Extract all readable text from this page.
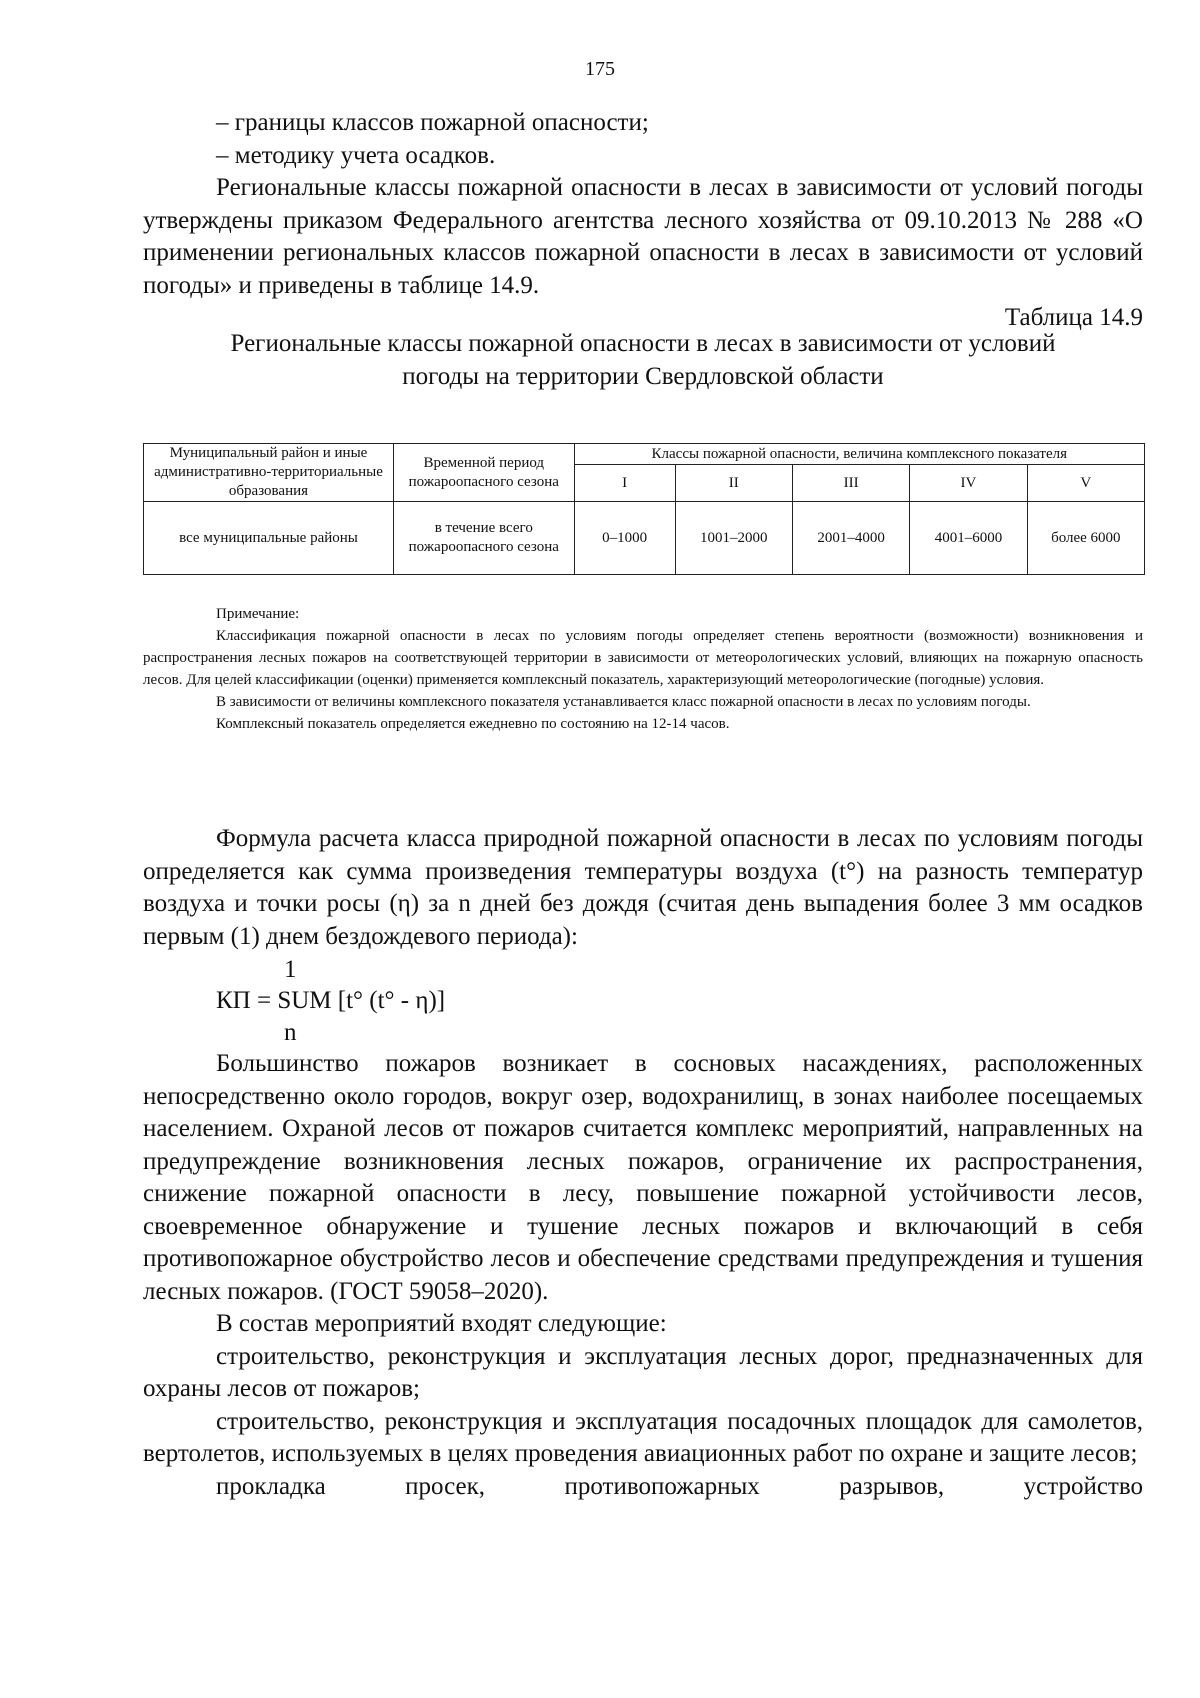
175

– границы классов пожарной опасности;

– методику учета осадков.

Региональные классы пожарной опасности в лесах в зависимости от условий погоды утверждены приказом Федерального агентства лесного хозяйства от 09.10.2013 № 288 «О применении региональных классов пожарной опасности в лесах в зависимости от условий погоды» и приведены в таблице 14.9.

Таблица 14.9

Региональные классы пожарной опасности в лесах в зависимости от условий

погоды на территории Свердловской области

Муниципальный район и иные административно-территориальные образования	Временной период пожароопасного сезона	Классы пожарной опасности, величина комплексного показателя				
		I	II	III	IV	V
все муниципальные районы	в течение всего пожароопасного сезона	0–1000	1001–2000	2001–4000	4001–6000	более 6000

Примечание:

Классификация пожарной опасности в лесах по условиям погоды определяет степень вероятности (возможности) возникновения и распространения лесных пожаров на соответствующей территории в зависимости от метеорологических условий, влияющих на пожарную опасность лесов. Для целей классификации (оценки) применяется комплексный показатель, характеризующий метеорологические (погодные) условия.

В зависимости от величины комплексного показателя устанавливается класс пожарной опасности в лесах по условиям погоды.

Комплексный показатель определяется ежедневно по состоянию на 12-14 часов.

Формула расчета класса природной пожарной опасности в лесах по условиям погоды определяется как сумма произведения температуры воздуха (t°) на разность температур воздуха и точки росы (η) за n дней без дождя (считая день выпадения более 3 мм осадков первым (1) днем бездождевого периода):

1
КП = SUM [t° (t° - η)]
n

Большинство пожаров возникает в сосновых насаждениях, расположенных непосредственно около городов, вокруг озер, водохранилищ, в зонах наиболее посещаемых населением. Охраной лесов от пожаров считается комплекс мероприятий, направленных на предупреждение возникновения лесных пожаров, ограничение их распространения, снижение пожарной опасности в лесу, повышение пожарной устойчивости лесов, своевременное обнаружение и тушение лесных пожаров и включающий в себя противопожарное обустройство лесов и обеспечение средствами предупреждения и тушения лесных пожаров. (ГОСТ 59058–2020).

В состав мероприятий входят следующие:

строительство, реконструкция и эксплуатация лесных дорог, предназначенных для охраны лесов от пожаров;

строительство, реконструкция и эксплуатация посадочных площадок для самолетов, вертолетов, используемых в целях проведения авиационных работ по охране и защите лесов;

прокладка просек, противопожарных разрывов, устройство
